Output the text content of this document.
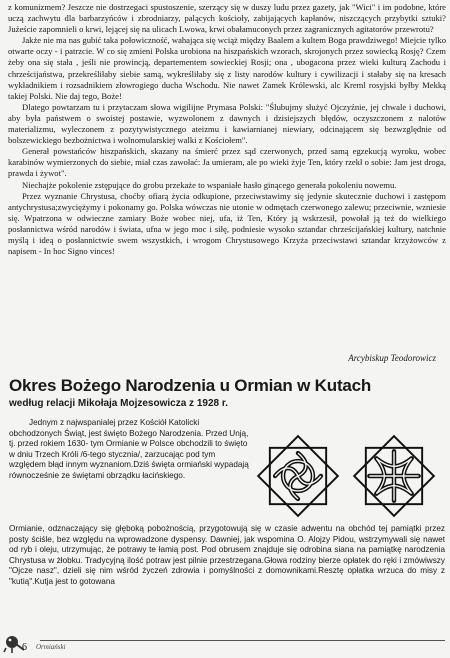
z komunizmem? Jeszcze nie dostrzegaci spustoszenie, szerzący się w duszy ludu przez gazety, jak "Wici" i im podobne, które uczą zachwytu dla barbarzyńców i zbrodniarzy, palących kościoły, zabijających kapłanów, niszczących przybytki sztuki? Juźeście zapomnieli o krwi, lejącej się na ulicach Lwowa, krwi obałamuconych przez zagranicznych agitatorów przewrotu?

Jakże nie ma nas gubić taka połowiczność, wahająca się wciąż między Baalem a kultem Boga prawdziwego! Miejcie tylko otwarte oczy - i patrzcie. W co się zmieni Polska urobiona na hiszpańskich wzorach, skrojonych przez sowiecką Rosję? Czem żeby ona się stała , jeśli nie prowincją, departementem sowieckiej Rosji; ona , ubogacona przez wieki kulturą Zachodu i chrześcijaństwa, przekreśliłaby siebie samą, wykreśliłaby się z listy narodów kultury i cywilizacji i stałaby się na kresach wykładnikiem i rozsadnikiem złowrogiego ducha Wschodu. Nie nawet Zamek Królewski, alc Kreml rosyjski byłby Mekką takiej Polski. Nie daj tego, Boże!

Dlatego powtarzam tu i przytaczam słowa wigilijne Prymasa Polski: "Ślubujmy służyć Ojczyźnie, jej chwale i duchowi, aby była państwem o swoistej postawie, wyzwolonem z dawnych i dzisiejszych błędów, oczyszczonem z nalotów materializmu, wyleczonem z pozytywistycznego ateizmu i kawiarnianej niewiary, odcinającem się bezwzględnie od bolszewickiego bezbożnictwa i wolnomularskiej walki z Kościołem".

Generał powstańców hiszpańskich, skazany na śmierć przez sąd czerwonych, przed samą egzekucją wyroku, wobec karabinów wymierzonych do siebie, miał czas zawołać: Ja umieram, ale po wieki żyje Ten, który rzekł o sobie: Jam jest droga, prawda i żywot".

Niechajże pokolenie zstępujące do grobu przekaże to wspaniałe hasło ginącego generała pokoleniu nowemu.

Przez wyznanie Chrystusa, choćby ofiarą życia odkupione, przeciwstawimy się jedynie skutecznie duchowi i zastępom antychrystusa;zwyciężymy i pokonamy go. Polska wówczas nie utonie w odmętach czerwonego zalewu; przeciwnie, wzniesie się. Wpatrzona w odwieczne zamiary Boże wobec niej, ufa, iż Ten, Który ją wskrzesił, powołał ją też do wielkiego posłannictwa wśród narodów i świata, ufna w jego moc i siłę, podniesie wysoko sztandar chrześcijańskiej kultury, natchnie myślą i ideą o posłannictwie swem wszystkich, i wrogom Chrystusowego Krzyża przeciwstawi sztandar krzyżowców z napisem - In hoc Signo vinces!

Arcybiskup Teodorowicz
Okres Bożego Narodzenia u Ormian w Kutach
według relacji Mikołaja Mojzesowicza z 1928 r.

Jednym z najwspanialej przez Kościół Katolicki obchodzonych Świąt, jest święto Bożego Narodzenia. Przed Unją, tj. przed rokiem 1630- tym Ormianie w Polsce obchodzili to święto w dniu Trzech Króli /6-tego stycznia/, zarzucając pod tym względem błąd innym wyznaniom.Dziś święta ormiański wypadają równocześnie ze świętami obrządku łacińskiego.

Ormianie, odznaczający się głęboką pobożnością, przygotowują się w czasie adwentu na obchód tej pamiątki przez posty ściśle, bez względu na wprowadzone dyspensy. Dawniej, jak wspomina O. Alojzy Pidou, wstrzymywali się nawet od ryb i oleju, utrzymując, że potrawy te łamią post. Pod obrusem znajduje się odrobina siana na pamiątkę narodzenia Chrystusa w żłobku. Tradycyjną ilość potraw jest pilnie przestrzegana.Głowa rodziny bierze opłatek do ręki i zmówiwszy "Ojcze nasz", dzieli się nim wśród życzeń zdrowia i pomyślności z domownikami.Resztę opłatka wrzuca do misy z "kutią".Kutja jest to gotowana
6 Ormiański
